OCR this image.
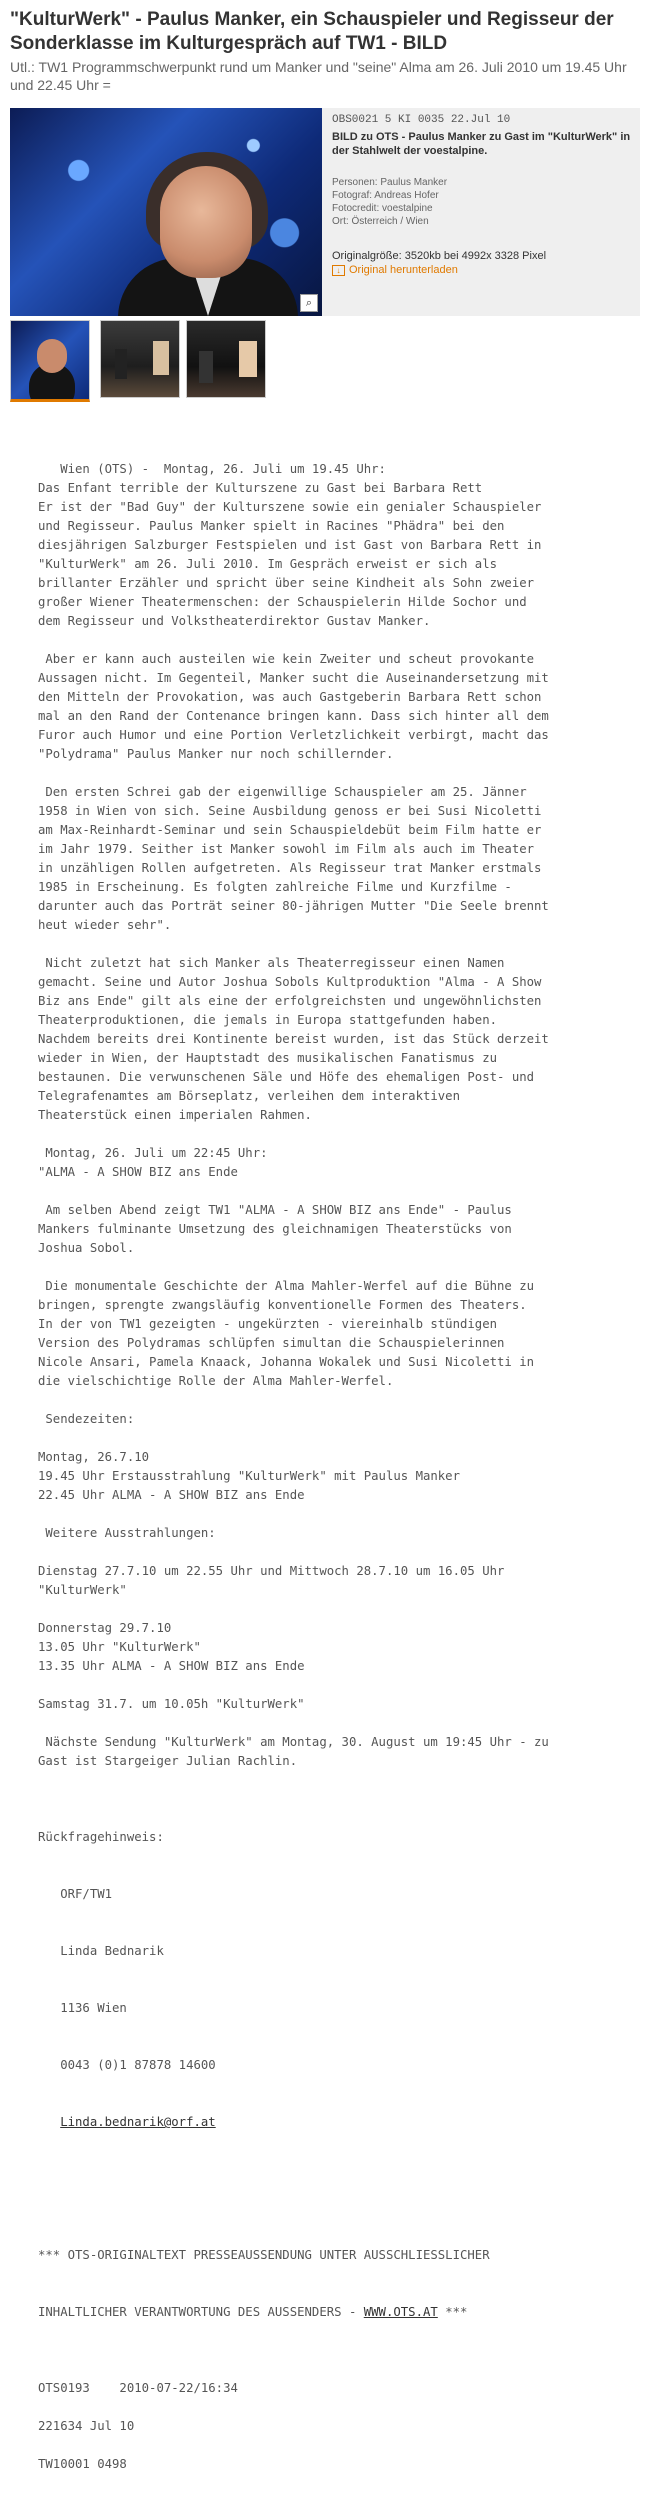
"KulturWerk" - Paulus Manker, ein Schauspieler und Regisseur der Sonderklasse im Kulturgespräch auf TW1 - BILD

Utl.: TW1 Programmschwerpunkt rund um Manker und "seine" Alma am 26. Juli 2010 um 19.45 Uhr und 22.45 Uhr =

⌕

OBS0021 5 KI 0035 22.Jul 10

BILD zu OTS - Paulus Manker zu Gast im "KulturWerk" in der Stahlwelt der voestalpine.

Personen: Paulus Manker
Fotograf: Andreas Hofer
Fotocredit: voestalpine
Ort: Österreich / Wien

Originalgröße: 3520kb bei 4992x 3328 Pixel

↓ Original herunterladen
Wien (OTS) -  Montag, 26. Juli um 19.45 Uhr:
Das Enfant terrible der Kulturszene zu Gast bei Barbara Rett
Er ist der "Bad Guy" der Kulturszene sowie ein genialer Schauspieler
und Regisseur. Paulus Manker spielt in Racines "Phädra" bei den
diesjährigen Salzburger Festspielen und ist Gast von Barbara Rett in
"KulturWerk" am 26. Juli 2010. Im Gespräch erweist er sich als
brillanter Erzähler und spricht über seine Kindheit als Sohn zweier
großer Wiener Theatermenschen: der Schauspielerin Hilde Sochor und
dem Regisseur und Volkstheaterdirektor Gustav Manker.
Aber er kann auch austeilen wie kein Zweiter und scheut provokante
Aussagen nicht. Im Gegenteil, Manker sucht die Auseinandersetzung mit
den Mitteln der Provokation, was auch Gastgeberin Barbara Rett schon
mal an den Rand der Contenance bringen kann. Dass sich hinter all dem
Furor auch Humor und eine Portion Verletzlichkeit verbirgt, macht das
"Polydrama" Paulus Manker nur noch schillernder.
Den ersten Schrei gab der eigenwillige Schauspieler am 25. Jänner
1958 in Wien von sich. Seine Ausbildung genoss er bei Susi Nicoletti
am Max-Reinhardt-Seminar und sein Schauspieldebüt beim Film hatte er
im Jahr 1979. Seither ist Manker sowohl im Film als auch im Theater
in unzähligen Rollen aufgetreten. Als Regisseur trat Manker erstmals
1985 in Erscheinung. Es folgten zahlreiche Filme und Kurzfilme -
darunter auch das Porträt seiner 80-jährigen Mutter "Die Seele brennt
heut wieder sehr".
Nicht zuletzt hat sich Manker als Theaterregisseur einen Namen
gemacht. Seine und Autor Joshua Sobols Kultproduktion "Alma - A Show
Biz ans Ende" gilt als eine der erfolgreichsten und ungewöhnlichsten
Theaterproduktionen, die jemals in Europa stattgefunden haben.
Nachdem bereits drei Kontinente bereist wurden, ist das Stück derzeit
wieder in Wien, der Hauptstadt des musikalischen Fanatismus zu
bestaunen. Die verwunschenen Säle und Höfe des ehemaligen Post- und
Telegrafenamtes am Börseplatz, verleihen dem interaktiven
Theaterstück einen imperialen Rahmen.
Montag, 26. Juli um 22:45 Uhr:
"ALMA - A SHOW BIZ ans Ende
Am selben Abend zeigt TW1 "ALMA - A SHOW BIZ ans Ende" - Paulus
Mankers fulminante Umsetzung des gleichnamigen Theaterstücks von
Joshua Sobol.
Die monumentale Geschichte der Alma Mahler-Werfel auf die Bühne zu
bringen, sprengte zwangsläufig konventionelle Formen des Theaters.
In der von TW1 gezeigten - ungekürzten - viereinhalb stündigen
Version des Polydramas schlüpfen simultan die Schauspielerinnen
Nicole Ansari, Pamela Knaack, Johanna Wokalek und Susi Nicoletti in
die vielschichtige Rolle der Alma Mahler-Werfel.
Sendezeiten:
Montag, 26.7.10
19.45 Uhr Erstausstrahlung "KulturWerk" mit Paulus Manker
22.45 Uhr ALMA - A SHOW BIZ ans Ende
Weitere Ausstrahlungen:
Dienstag 27.7.10 um 22.55 Uhr und Mittwoch 28.7.10 um 16.05 Uhr
"KulturWerk"
Donnerstag 29.7.10
13.05 Uhr "KulturWerk"
13.35 Uhr ALMA - A SHOW BIZ ans Ende
Samstag 31.7. um 10.05h "KulturWerk"
Nächste Sendung "KulturWerk" am Montag, 30. August um 19:45 Uhr - zu
Gast ist Stargeiger Julian Rachlin.

Rückfragehinweis:

ORF/TW1

Linda Bednarik

1136 Wien

0043 (0)1 87878 14600

Linda.bednarik@orf.at

*** OTS-ORIGINALTEXT PRESSEAUSSENDUNG UNTER AUSSCHLIESSLICHER

INHALTLICHER VERANTWORTUNG DES AUSSENDERS - WWW.OTS.AT ***

OTS0193    2010-07-22/16:34
221634 Jul 10
TW10001 0498
